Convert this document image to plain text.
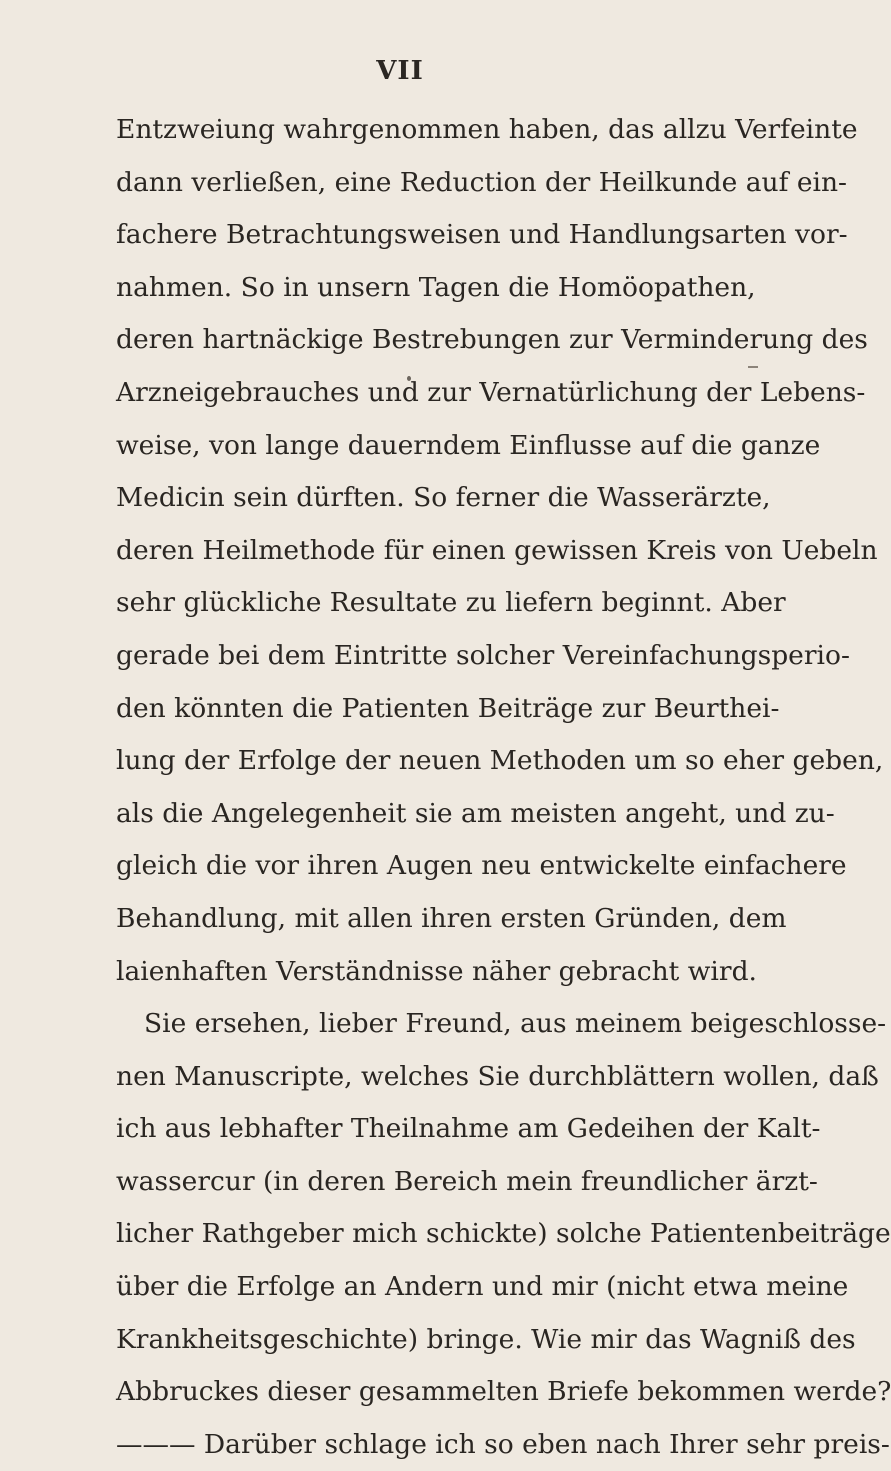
VII
Entzweiung wahrgenommen haben, das allzu Verfeinte
dann verließen, eine Reduction der Heilkunde auf ein-
fachere Betrachtungsweisen und Handlungsarten vor-
nahmen. So in unsern Tagen die Homöopathen,
deren hartnäckige Bestrebungen zur Verminderung des
Arzneigebrauches und zur Vernatürlichung der Lebens-
weise, von lange dauerndem Einflusse auf die ganze
Medicin sein dürften. So ferner die Wasserärzte,
deren Heilmethode für einen gewissen Kreis von Uebeln
sehr glückliche Resultate zu liefern beginnt. Aber
gerade bei dem Eintritte solcher Vereinfachungsperio-
den könnten die Patienten Beiträge zur Beurthei-
lung der Erfolge der neuen Methoden um so eher geben,
als die Angelegenheit sie am meisten angeht, und zu-
gleich die vor ihren Augen neu entwickelte einfachere
Behandlung, mit allen ihren ersten Gründen, dem
laienhaften Verständnisse näher gebracht wird.
Sie ersehen, lieber Freund, aus meinem beigeschlosse-
nen Manuscripte, welches Sie durchblättern wollen, daß
ich aus lebhafter Theilnahme am Gedeihen der Kalt-
wassercur (in deren Bereich mein freundlicher ärzt-
licher Rathgeber mich schickte) solche Patientenbeiträge
über die Erfolge an Andern und mir (nicht etwa meine
Krankheitsgeschichte) bringe. Wie mir das Wagniß des
Abbruckes dieser gesammelten Briefe bekommen werde?
——— Darüber schlage ich so eben nach Ihrer sehr preis-
